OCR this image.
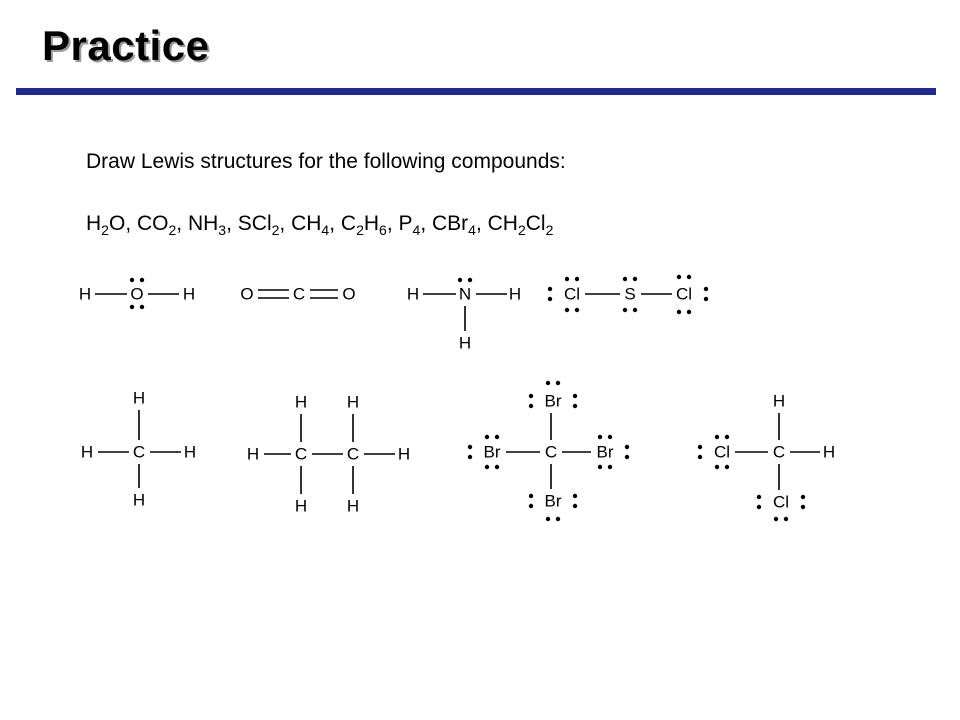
Practice
Draw Lewis structures for the following compounds:
$H_2O$, $CO_2$, $NH_3$, SCl$_2$, $CH_4$, $C_2H_6$, $P_4$, CBr$_4$, $CH_2Cl_2$
H O H	O C O	H N H
H
Cl	S Cl
H
H C H
H
H H
H C C H
H H
Br
Br	C Br
Br
H
Cl	C H
Cl
